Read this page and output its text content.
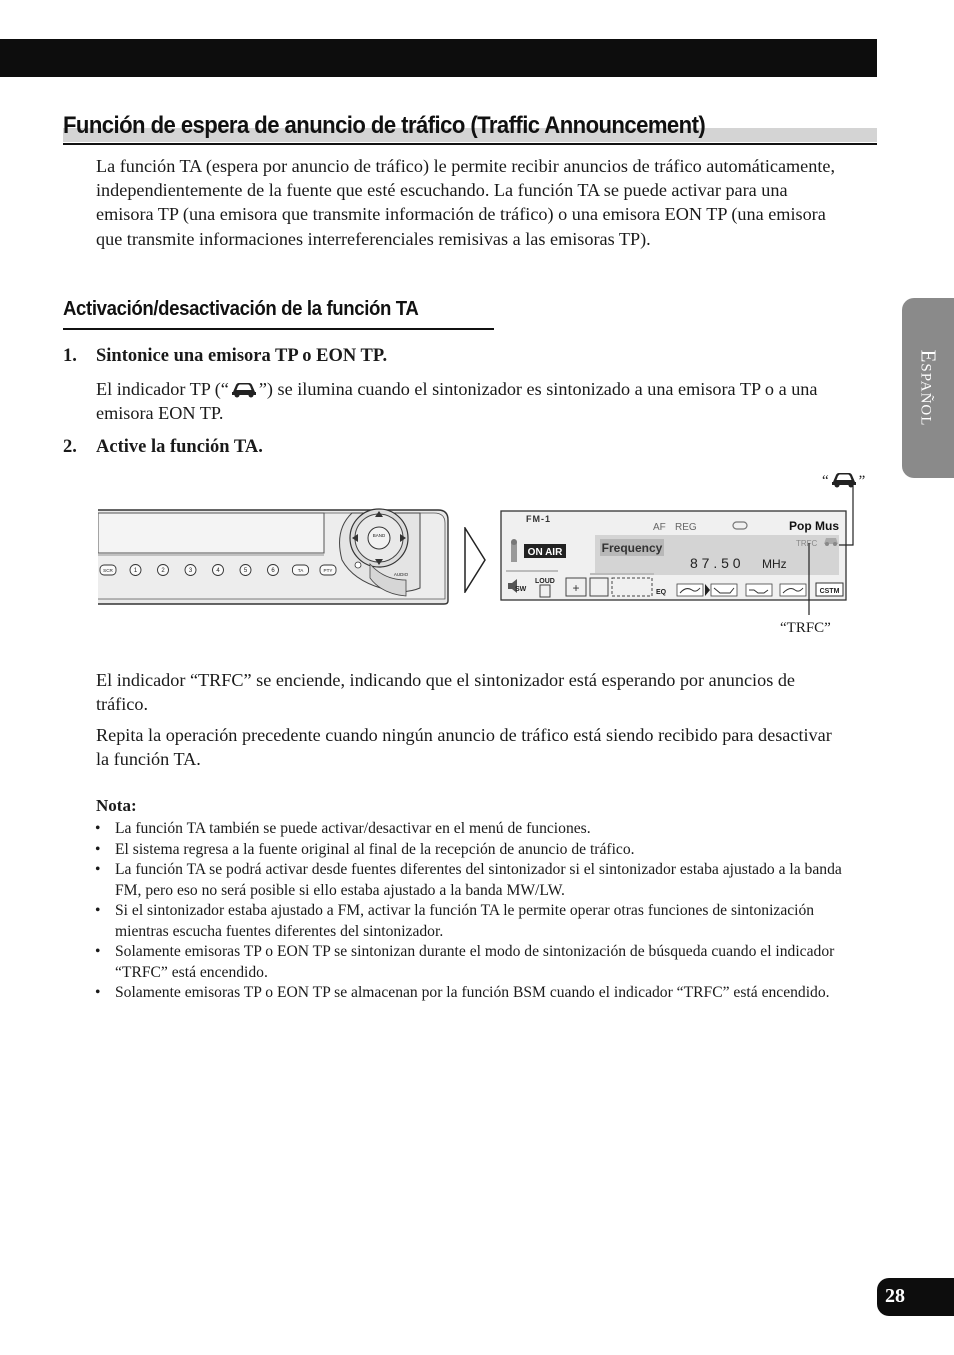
Función de espera de anuncio de tráfico (Traffic Announcement)

La función TA (espera por anuncio de tráfico) le permite recibir anuncios de tráfico automáticamente, independientemente de la fuente que esté escuchando. La función TA se puede activar para una emisora TP (una emisora que transmite información de tráfico) o una emisora EON TP (una emisora que transmite informaciones interreferenciales remisivas a las emisoras TP).

Activación/desactivación de la función TA
1. Sintonice una emisora TP o EON TP.

El indicador TP (“ ”) se ilumina cuando el sintonizador es sintonizado a una emisora TP o a una emisora EON TP.

2. Active la función TA.
“ ”
BAND
AUDIO
SCR	1	2	3	4	5	6	TA	PTY
FM-1
AF REG	Pop Mus
TRFC
ON AIR	Frequency
8 7 . 5 0 MHz
SW
LOUD +	EQ	CSTM
“TRFC”

El indicador “TRFC” se enciende, indicando que el sintonizador está esperando por anuncios de tráfico.

Repita la operación precedente cuando ningún anuncio de tráfico está siendo recibido para desactivar la función TA.

Nota:
• La función TA también se puede activar/desactivar en el menú de funciones.
• El sistema regresa a la fuente original al final de la recepción de anuncio de tráfico.
• La función TA se podrá activar desde fuentes diferentes del sintonizador si el sintonizador estaba ajustado a la banda FM, pero eso no será posible si ello estaba ajustado a la banda MW/LW.
• Si el sintonizador estaba ajustado a FM, activar la función TA le permite operar otras funciones de sintonización mientras escucha fuentes diferentes del sintonizador.
• Solamente emisoras TP o EON TP se sintonizan durante el modo de sintonización de búsqueda cuando el indicador “TRFC” está encendido.
• Solamente emisoras TP o EON TP se almacenan por la función BSM cuando el indicador “TRFC” está encendido.
Español
28
